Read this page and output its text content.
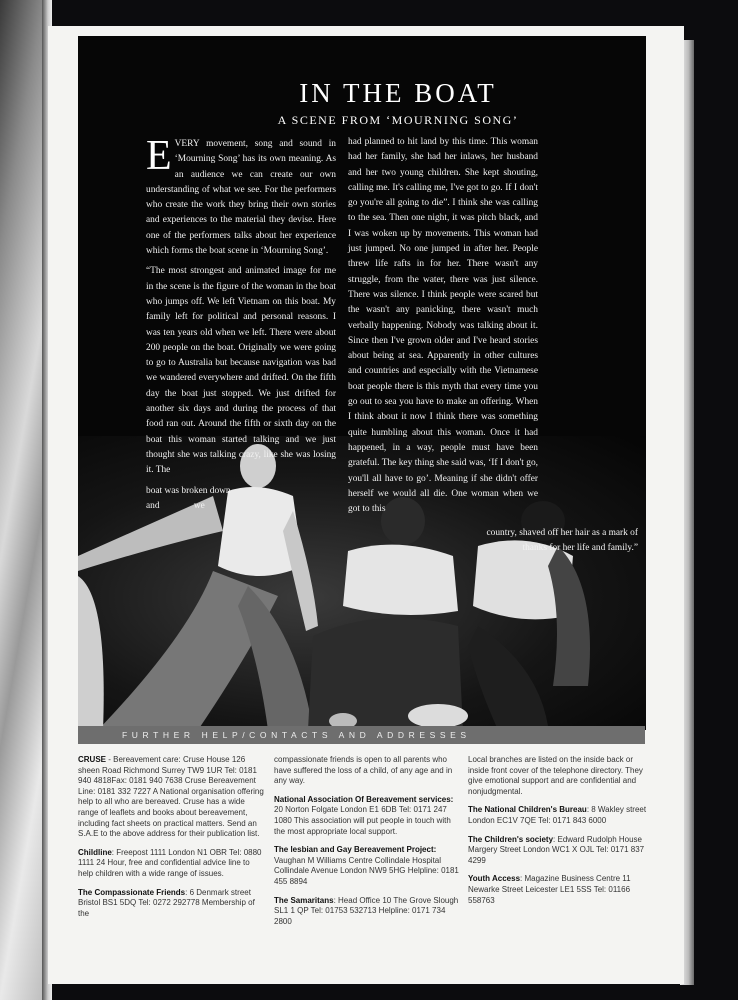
IN THE BOAT
A SCENE FROM ‘MOURNING SONG’

EVERY movement, song and sound in ‘Mourning Song’ has its own meaning. As an audience we can create our own understanding of what we see. For the performers who create the work they bring their own stories and experiences to the material they devise. Here one of the performers talks about her experience which forms the boat scene in ‘Mourning Song’.

“The most strongest and animated image for me in the scene is the figure of the woman in the boat who jumps off. We left Vietnam on this boat. My family left for political and personal reasons. I was ten years old when we left. There were about 200 people on the boat. Originally we were going to go to Australia but because navigation was bad we wandered everywhere and drifted. On the fifth day the boat just stopped. We just drifted for another six days and during the process of that food ran out. Around the fifth or sixth day on the boat this woman started talking and we just thought she was talking crazy, like she was losing it. The

boat was broken down
and we

had planned to hit land by this time. This woman had her family, she had her inlaws, her husband and her two young children. She kept shouting, calling me. It's calling me, I've got to go. If I don't go you're all going to die”. I think she was calling to the sea. Then one night, it was pitch black, and I was woken up by movements. This woman had just jumped. No one jumped in after her. People threw life rafts in for her. There wasn't any struggle, from the water, there was just silence. There was silence. I think people were scared but the wasn't any panicking, there wasn't much verbally happening. Nobody was talking about it. Since then I've grown older and I've heard stories about being at sea. Apparently in other cultures and countries and especially with the Vietnamese boat people there is this myth that every time you go out to sea you have to make an offering. When I think about it now I think there was something quite humbling about this woman. Once it had happened, in a way, people must have been grateful. The key thing she said was, ‘If I don't go, you'll all have to go’. Meaning if she didn't offer herself we would all die. One woman when we got to this

country, shaved off her hair as a mark of
thanks for her life and family.”
FURTHER HELP/CONTACTS AND ADDRESSES
CRUSE - Bereavement care: Cruse House 126 sheen Road Richmond Surrey TW9 1UR Tel: 0181 940 4818Fax: 0181 940 7638 Cruse Bereavement Line: 0181 332 7227 A National organisation offering help to all who are bereaved. Cruse has a wide range of leaflets and books about bereavement, including fact sheets on practical matters. Send an S.A.E to the above address for their publication list.
Childline: Freepost 1111 London N1 OBR Tel: 0880 1111 24 Hour, free and confidential advice line to help children with a wide range of issues.
The Compassionate Friends: 6 Denmark street Bristol BS1 5DQ Tel: 0272 292778 Membership of the
compassionate friends is open to all parents who have suffered the loss of a child, of any age and in any way.
National Association Of Bereavement services: 20 Norton Folgate London E1 6DB Tel: 0171 247 1080 This association will put people in touch with the most appropriate local support.
The lesbian and Gay Bereavement Project: Vaughan M Williams Centre Collindale Hospital Collindale Avenue London NW9 5HG Helpline: 0181 455 8894
The Samaritans: Head Office 10 The Grove Slough SL1 1 QP Tel: 01753 532713 Helpline: 0171 734 2800
Local branches are listed on the inside back or inside front cover of the telephone directory. They give emotional support and are confidential and nonjudgmental.
The National Children's Bureau: 8 Wakley street London EC1V 7QE Tel: 0171 843 6000
The Children's society: Edward Rudolph House Margery Street London WC1 X OJL Tel: 0171 837 4299
Youth Access: Magazine Business Centre 11 Newarke Street Leicester LE1 5SS Tel: 01166 558763
